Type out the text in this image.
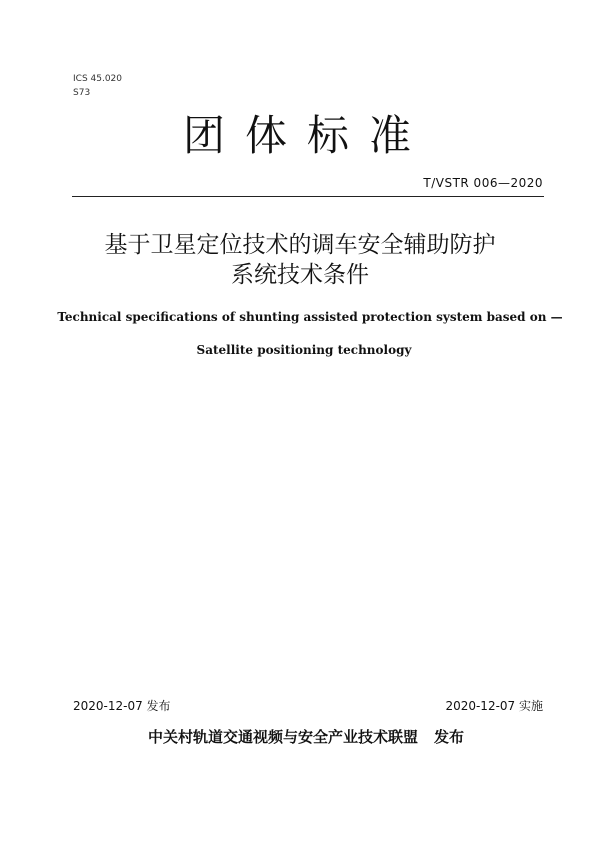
ICS 45.020
S73
团体标准
T/VSTR 006—2020
基于卫星定位技术的调车安全辅助防护
系统技术条件
Technical specifications of shunting assisted protection system based on —
Satellite positioning technology
2020-12-07 发布	2020-12-07 实施
中关村轨道交通视频与安全产业技术联盟 发布
